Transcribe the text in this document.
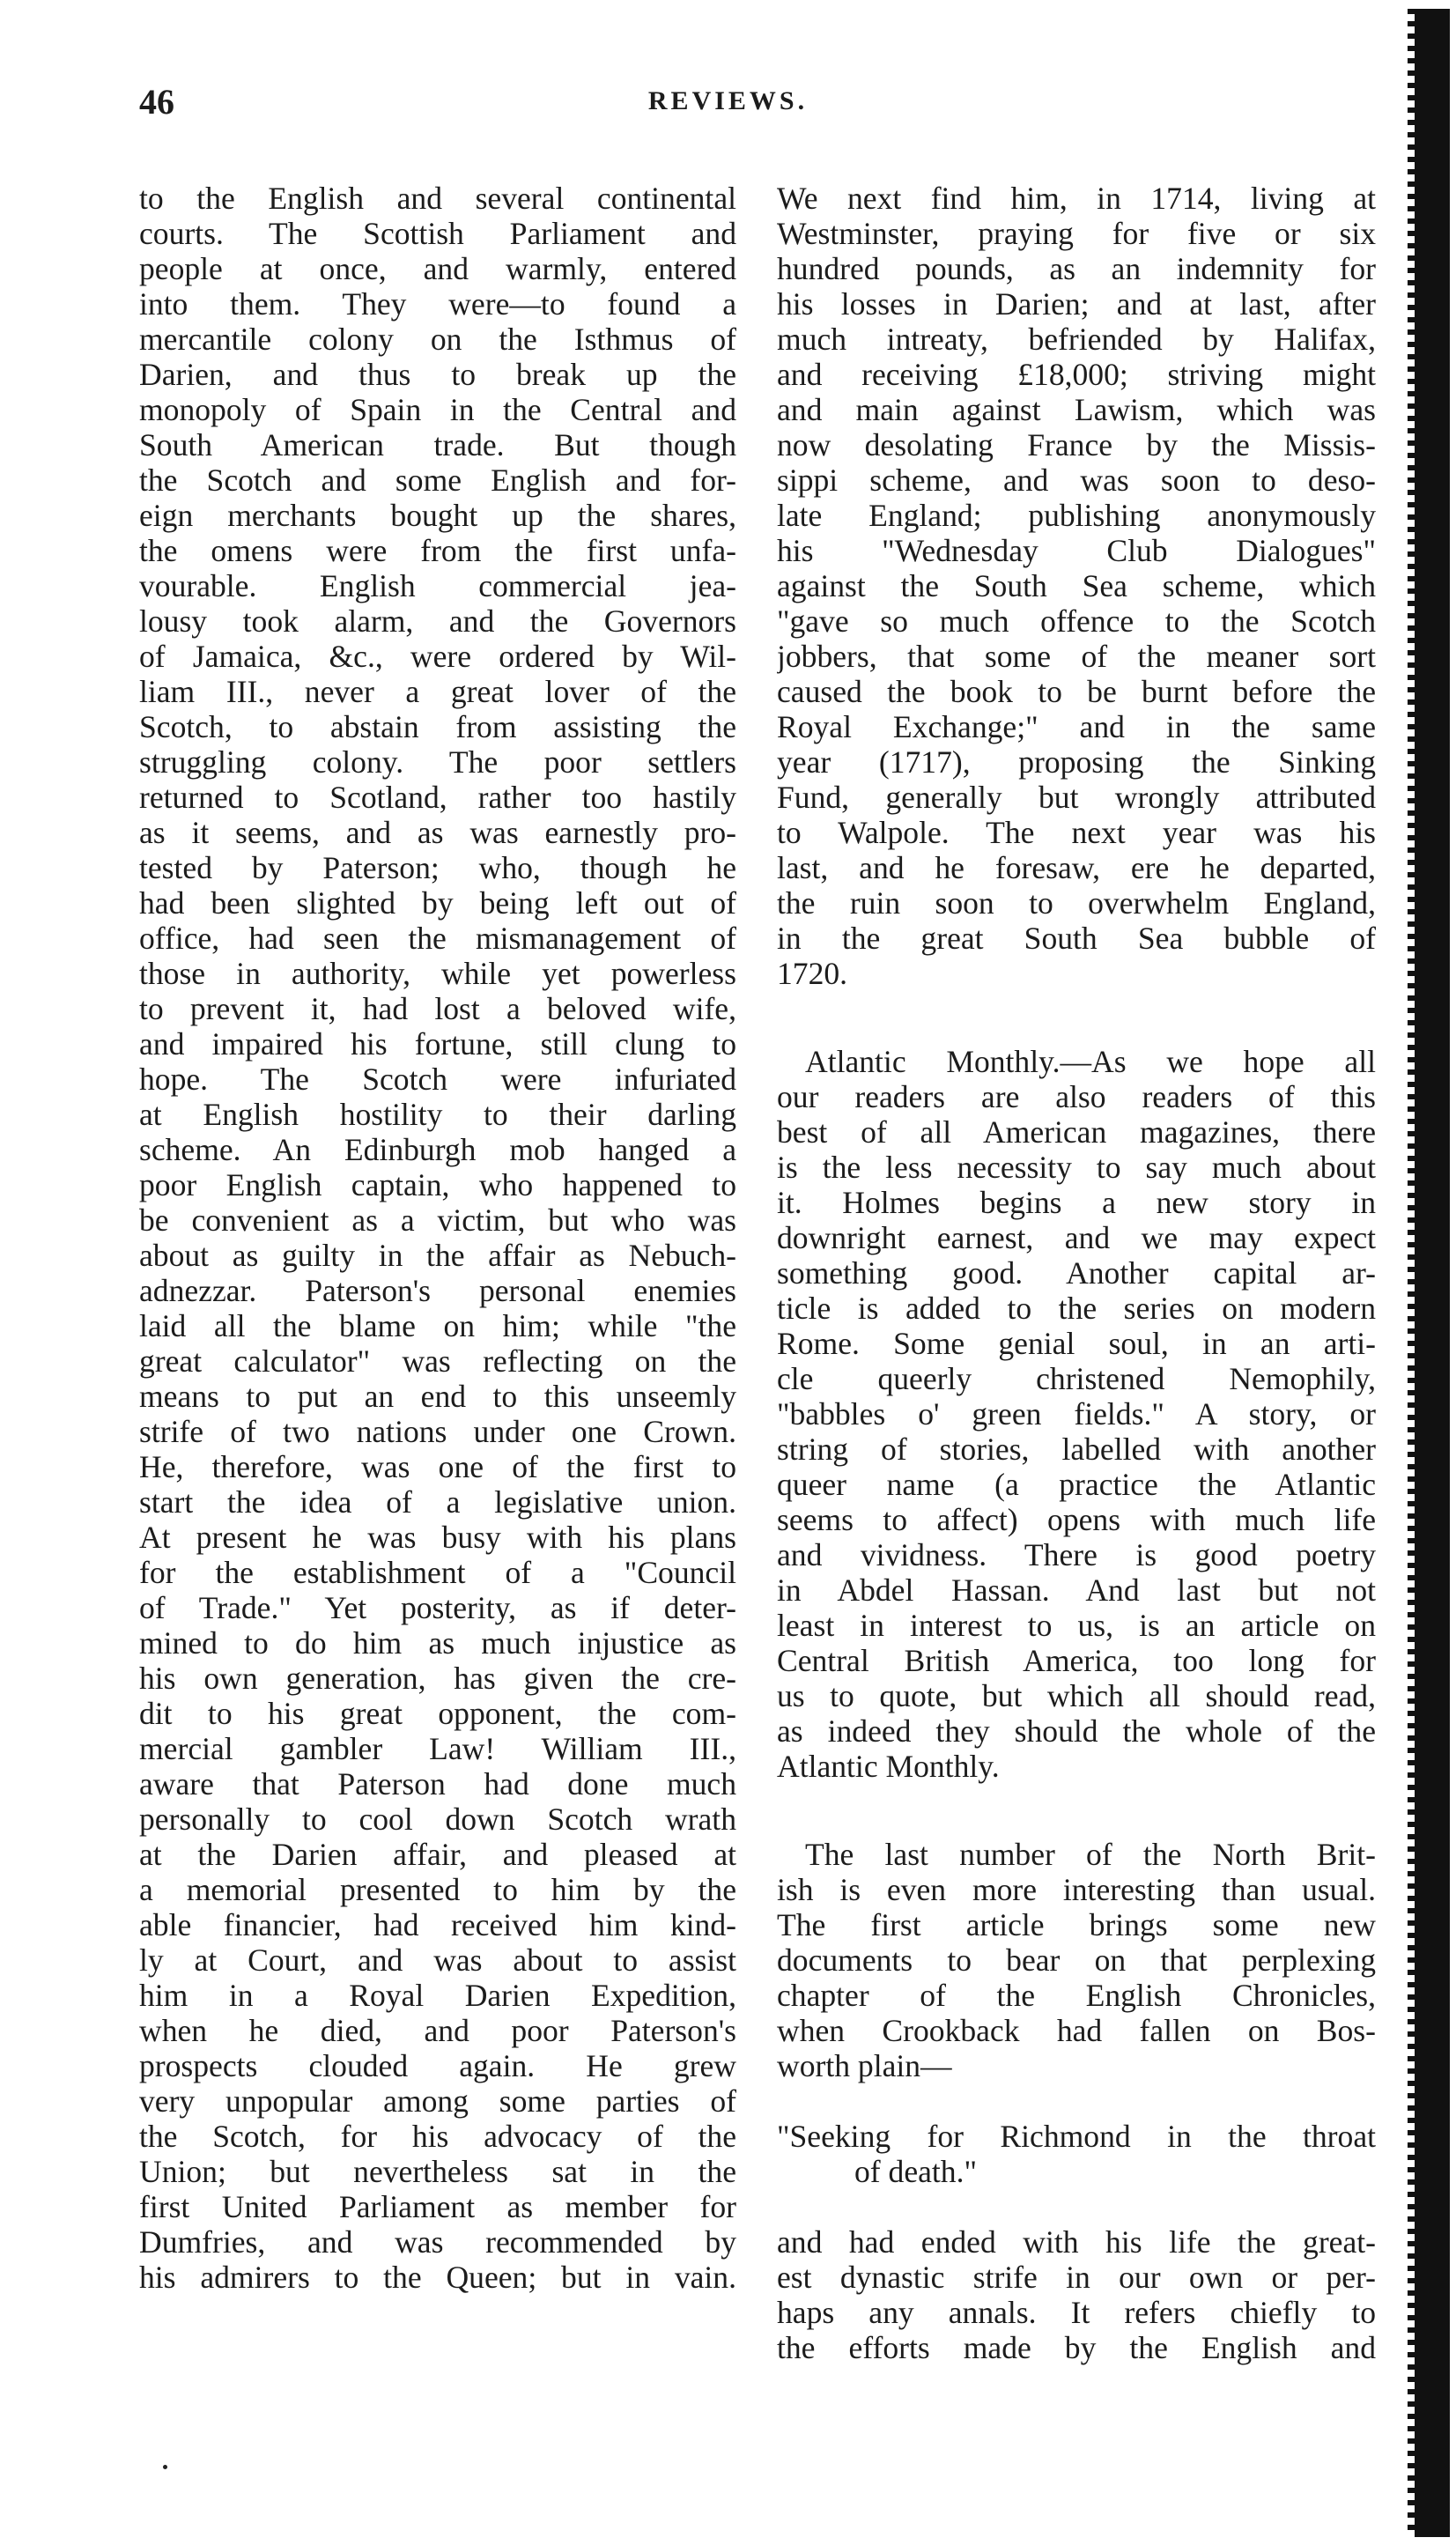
46	REVIEWS.
to the English and several continental
courts. The Scottish Parliament and
people at once, and warmly, entered
into them. They were—to found a
mercantile colony on the Isthmus of
Darien, and thus to break up the
monopoly of Spain in the Central and
South American trade. But though
the Scotch and some English and for-
eign merchants bought up the shares,
the omens were from the first unfa-
vourable. English commercial jea-
lousy took alarm, and the Governors
of Jamaica, &c., were ordered by Wil-
liam III., never a great lover of the
Scotch, to abstain from assisting the
struggling colony. The poor settlers
returned to Scotland, rather too hastily
as it seems, and as was earnestly pro-
tested by Paterson; who, though he
had been slighted by being left out of
office, had seen the mismanagement of
those in authority, while yet powerless
to prevent it, had lost a beloved wife,
and impaired his fortune, still clung to
hope. The Scotch were infuriated
at English hostility to their darling
scheme. An Edinburgh mob hanged a
poor English captain, who happened to
be convenient as a victim, but who was
about as guilty in the affair as Nebuch-
adnezzar. Paterson's personal enemies
laid all the blame on him; while "the
great calculator" was reflecting on the
means to put an end to this unseemly
strife of two nations under one Crown.
He, therefore, was one of the first to
start the idea of a legislative union.
At present he was busy with his plans
for the establishment of a "Council
of Trade." Yet posterity, as if deter-
mined to do him as much injustice as
his own generation, has given the cre-
dit to his great opponent, the com-
mercial gambler Law! William III.,
aware that Paterson had done much
personally to cool down Scotch wrath
at the Darien affair, and pleased at
a memorial presented to him by the
able financier, had received him kind-
ly at Court, and was about to assist
him in a Royal Darien Expedition,
when he died, and poor Paterson's
prospects clouded again. He grew
very unpopular among some parties of
the Scotch, for his advocacy of the
Union; but nevertheless sat in the
first United Parliament as member for
Dumfries, and was recommended by
his admirers to the Queen; but in vain.
We next find him, in 1714, living at
Westminster, praying for five or six
hundred pounds, as an indemnity for
his losses in Darien; and at last, after
much intreaty, befriended by Halifax,
and receiving £18,000; striving might
and main against Lawism, which was
now desolating France by the Missis-
sippi scheme, and was soon to deso-
late England; publishing anonymously
his "Wednesday Club Dialogues"
against the South Sea scheme, which
"gave so much offence to the Scotch
jobbers, that some of the meaner sort
caused the book to be burnt before the
Royal Exchange;" and in the same
year (1717), proposing the Sinking
Fund, generally but wrongly attributed
to Walpole. The next year was his
last, and he foresaw, ere he departed,
the ruin soon to overwhelm England,
in the great South Sea bubble of
1720.
Atlantic Monthly.—As we hope all
our readers are also readers of this
best of all American magazines, there
is the less necessity to say much about
it. Holmes begins a new story in
downright earnest, and we may expect
something good. Another capital ar-
ticle is added to the series on modern
Rome. Some genial soul, in an arti-
cle queerly christened Nemophily,
"babbles o' green fields." A story, or
string of stories, labelled with another
queer name (a practice the Atlantic
seems to affect) opens with much life
and vividness. There is good poetry
in Abdel Hassan. And last but not
least in interest to us, is an article on
Central British America, too long for
us to quote, but which all should read,
as indeed they should the whole of the
Atlantic Monthly.
The last number of the North Brit-
ish is even more interesting than usual.
The first article brings some new
documents to bear on that perplexing
chapter of the English Chronicles,
when Crookback had fallen on Bos-
worth plain—
"Seeking for Richmond in the throat
of death."
and had ended with his life the great-
est dynastic strife in our own or per-
haps any annals. It refers chiefly to
the efforts made by the English and
